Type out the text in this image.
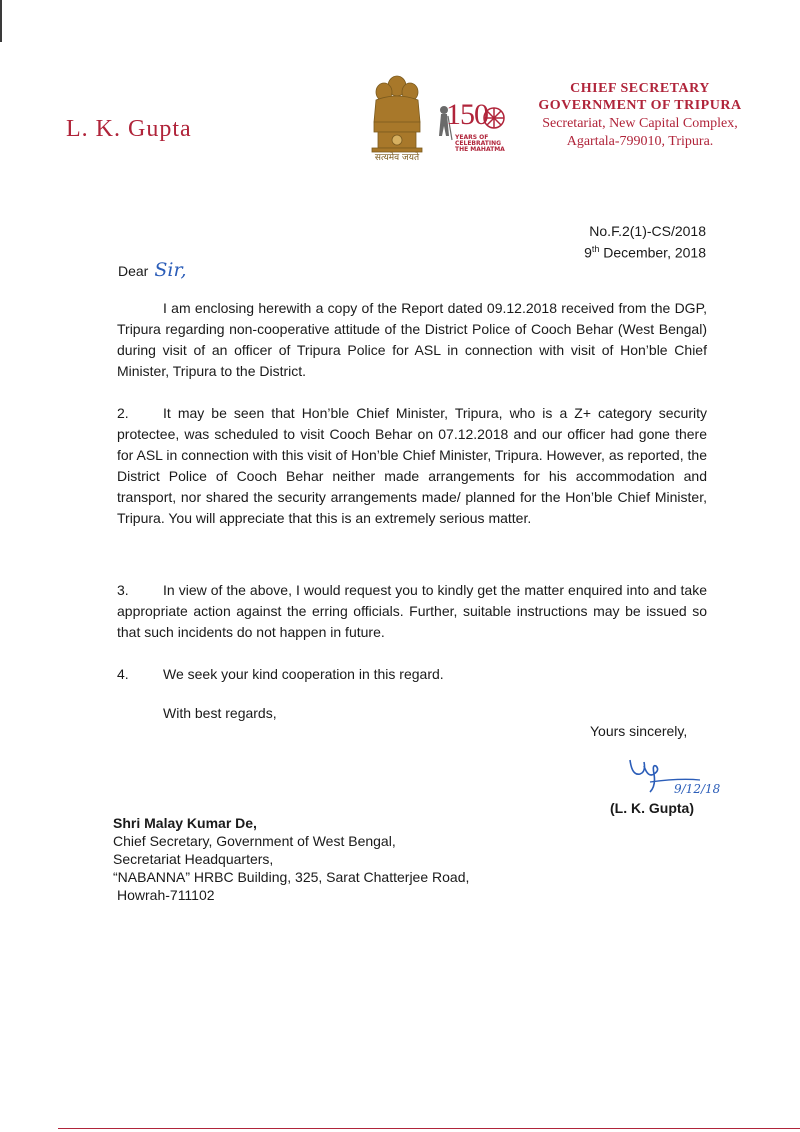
L. K. Gupta
सत्यमेव जयते
150
YEARS OF
CELEBRATING
THE MAHATMA
CHIEF SECRETARY
GOVERNMENT OF TRIPURA
Secretariat, New Capital Complex,
Agartala-799010, Tripura.
No.F.2(1)-CS/2018
9th December, 2018
Dear Sir,
I am enclosing herewith a copy of the Report dated 09.12.2018 received from the DGP, Tripura regarding non-cooperative attitude of the District Police of Cooch Behar (West Bengal) during visit of an officer of Tripura Police for ASL in connection with visit of Hon’ble Chief Minister, Tripura to the District.
2. It may be seen that Hon’ble Chief Minister, Tripura, who is a Z+ category security protectee, was scheduled to visit Cooch Behar on 07.12.2018 and our officer had gone there for ASL in connection with this visit of Hon’ble Chief Minister, Tripura. However, as reported, the District Police of Cooch Behar neither made arrangements for his accommodation and transport, nor shared the security arrangements made/ planned for the Hon’ble Chief Minister, Tripura. You will appreciate that this is an extremely serious matter.
3. In view of the above, I would request you to kindly get the matter enquired into and take appropriate action against the erring officials. Further, suitable instructions may be issued so that such incidents do not happen in future.
4. We seek your kind cooperation in this regard.
With best regards,
Yours sincerely,
9/12/18
(L. K. Gupta)
Shri Malay Kumar De,
Chief Secretary, Government of West Bengal,
Secretariat Headquarters,
“NABANNA” HRBC Building, 325, Sarat Chatterjee Road,
Howrah-711102
